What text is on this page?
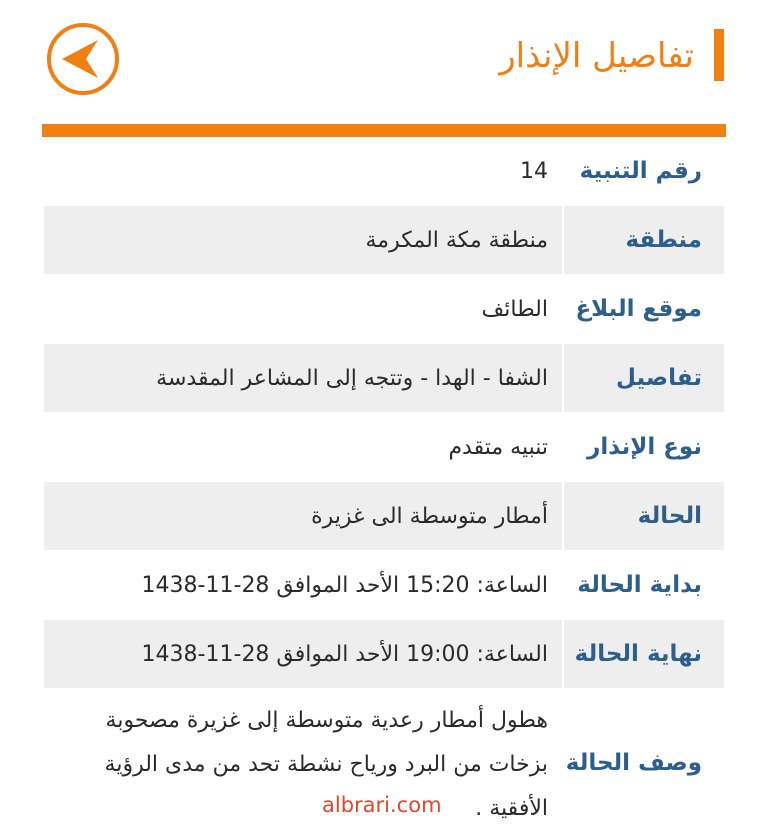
تفاصيل الإنذار
رقم التنبية
14
منطقة
منطقة مكة المكرمة
موقع البلاغ
الطائف
تفاصيل
الشفا - الهدا - وتتجه إلى المشاعر المقدسة
نوع الإنذار
تنبيه متقدم
الحالة
أمطار متوسطة الى غزيرة
بداية الحالة
الساعة: 15:20 الأحد الموافق 28-11-1438
نهاية الحالة
الساعة: 19:00 الأحد الموافق 28-11-1438
وصف الحالة
هطول أمطار رعدية متوسطة إلى غزيرة مصحوبة بزخات من البرد ورياح نشطة تحد من مدى الرؤية الأفقية .
albrari.com
